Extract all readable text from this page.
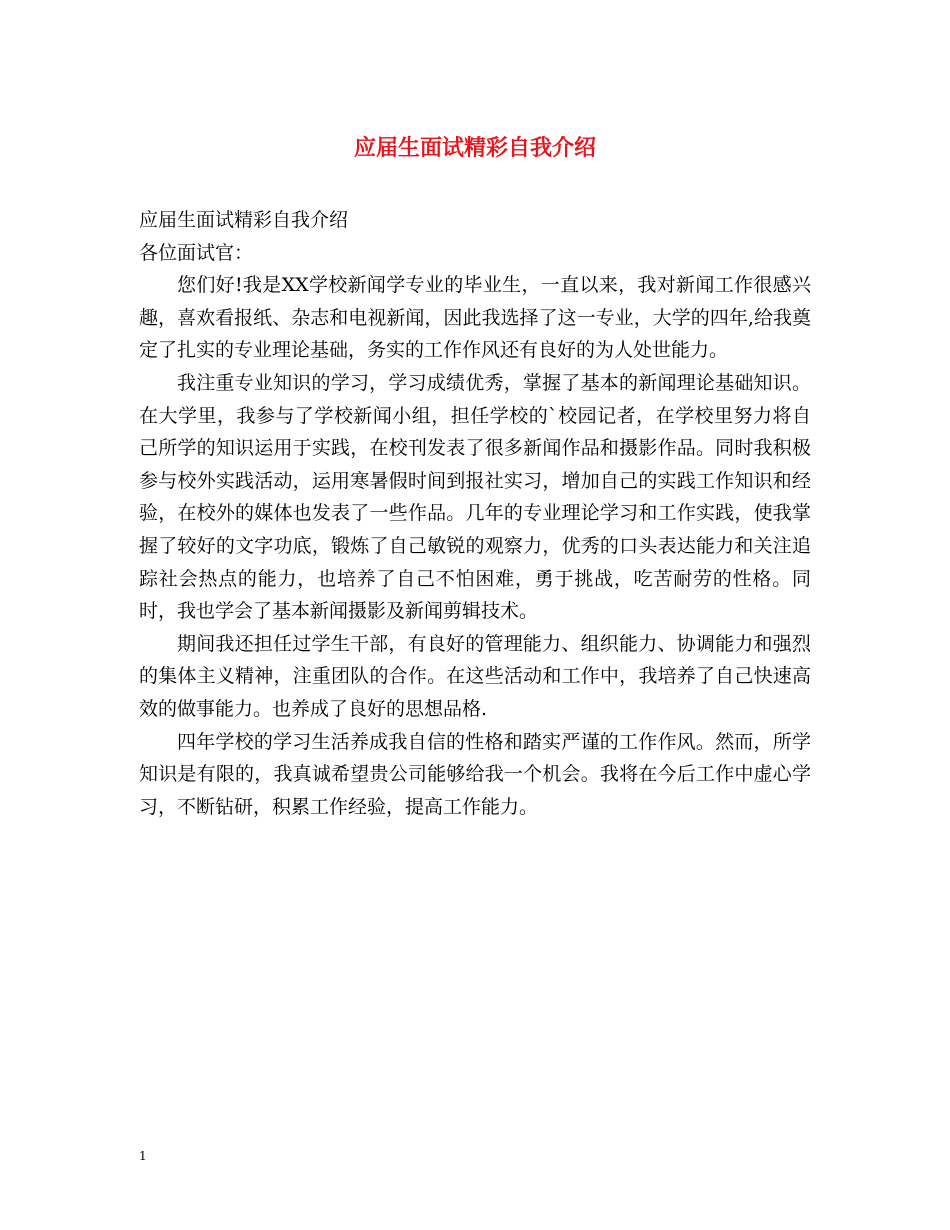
应届生面试精彩自我介绍

应届生面试精彩自我介绍

各位面试官：

您们好!我是XX学校新闻学专业的毕业生，一直以来，我对新闻工作很感兴趣，喜欢看报纸、杂志和电视新闻，因此我选择了这一专业，大学的四年,给我奠定了扎实的专业理论基础，务实的工作作风还有良好的为人处世能力。

我注重专业知识的学习，学习成绩优秀，掌握了基本的新闻理论基础知识。在大学里，我参与了学校新闻小组，担任学校的`校园记者，在学校里努力将自己所学的知识运用于实践，在校刊发表了很多新闻作品和摄影作品。同时我积极参与校外实践活动，运用寒暑假时间到报社实习，增加自己的实践工作知识和经验，在校外的媒体也发表了一些作品。几年的专业理论学习和工作实践，使我掌握了较好的文字功底，锻炼了自己敏锐的观察力，优秀的口头表达能力和关注追踪社会热点的能力，也培养了自己不怕困难，勇于挑战，吃苦耐劳的性格。同时，我也学会了基本新闻摄影及新闻剪辑技术。

期间我还担任过学生干部，有良好的管理能力、组织能力、协调能力和强烈的集体主义精神，注重团队的合作。在这些活动和工作中，我培养了自己快速高效的做事能力。也养成了良好的思想品格.

四年学校的学习生活养成我自信的性格和踏实严谨的工作作风。然而，所学知识是有限的，我真诚希望贵公司能够给我一个机会。我将在今后工作中虚心学习，不断钻研，积累工作经验，提高工作能力。

1
